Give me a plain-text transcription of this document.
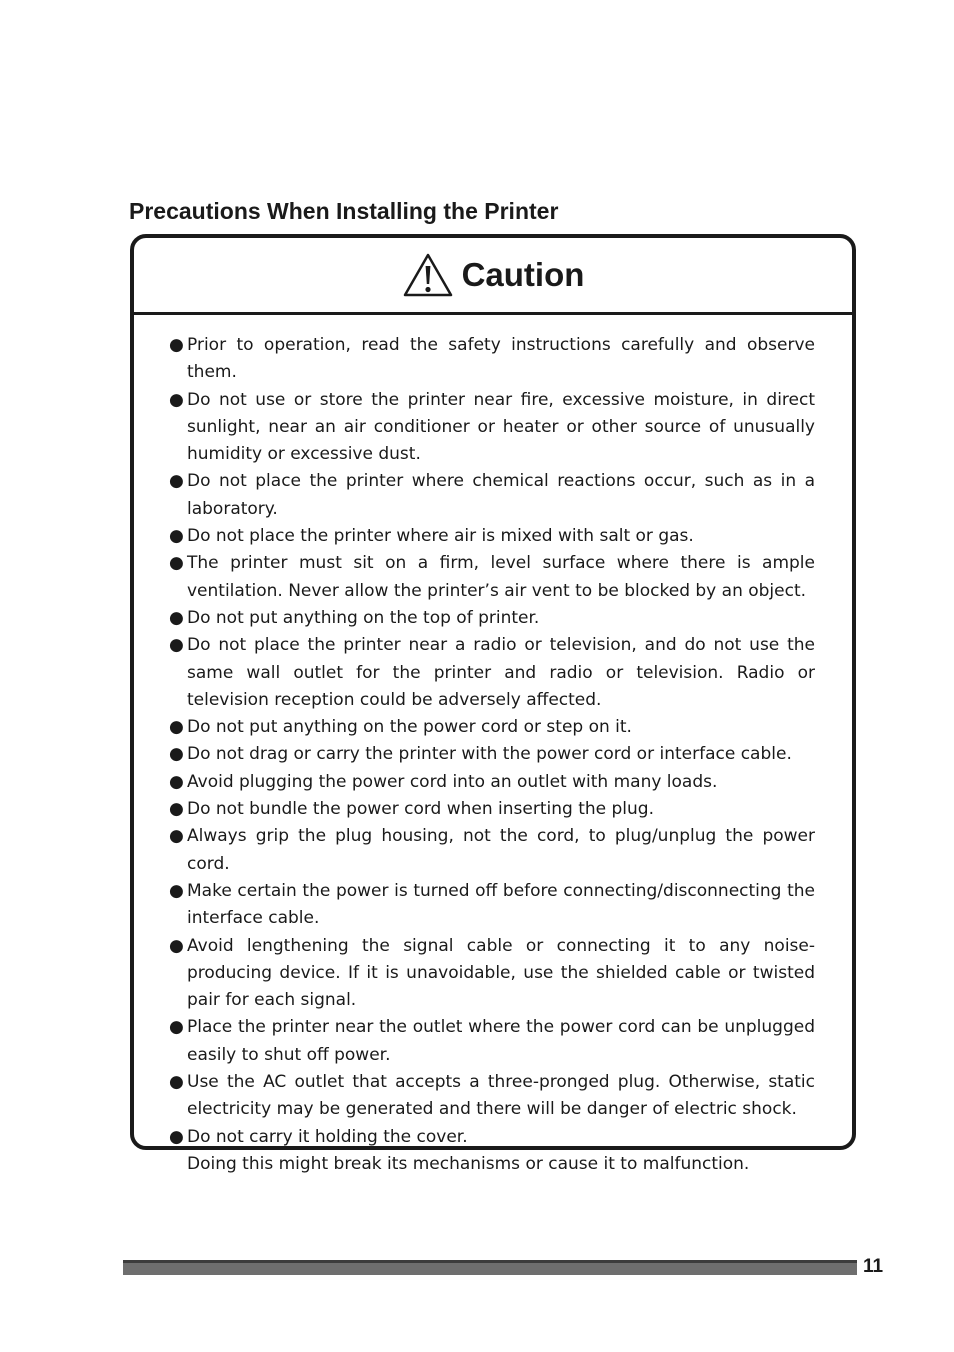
Precautions When Installing the Printer
Caution
● Prior to operation, read the safety instructions carefully and observe them.
● Do not use or store the printer near fire, excessive moisture, in direct sunlight, near an air conditioner or heater or other source of unusually humidity or excessive dust.
● Do not place the printer where chemical reactions occur, such as in a laboratory.
● Do not place the printer where air is mixed with salt or gas.
● The printer must sit on a firm, level surface where there is ample ventilation. Never allow the printer’s air vent to be blocked by an object.
● Do not put anything on the top of printer.
● Do not place the printer near a radio or television, and do not use the same wall outlet for the printer and radio or television. Radio or television reception could be adversely affected.
● Do not put anything on the power cord or step on it.
● Do not drag or carry the printer with the power cord or interface cable.
● Avoid plugging the power cord into an outlet with many loads.
● Do not bundle the power cord when inserting the plug.
● Always grip the plug housing, not the cord, to plug/unplug the power cord.
● Make certain the power is turned off before connecting/disconnecting the interface cable.
● Avoid lengthening the signal cable or connecting it to any noise-producing device. If it is unavoidable, use the shielded cable or twisted pair for each signal.
● Place the printer near the outlet where the power cord can be unplugged easily to shut off power.
● Use the AC outlet that accepts a three-pronged plug. Otherwise, static electricity may be generated and there will be danger of electric shock.
● Do not carry it holding the cover.
Doing this might break its mechanisms or cause it to malfunction.
11
